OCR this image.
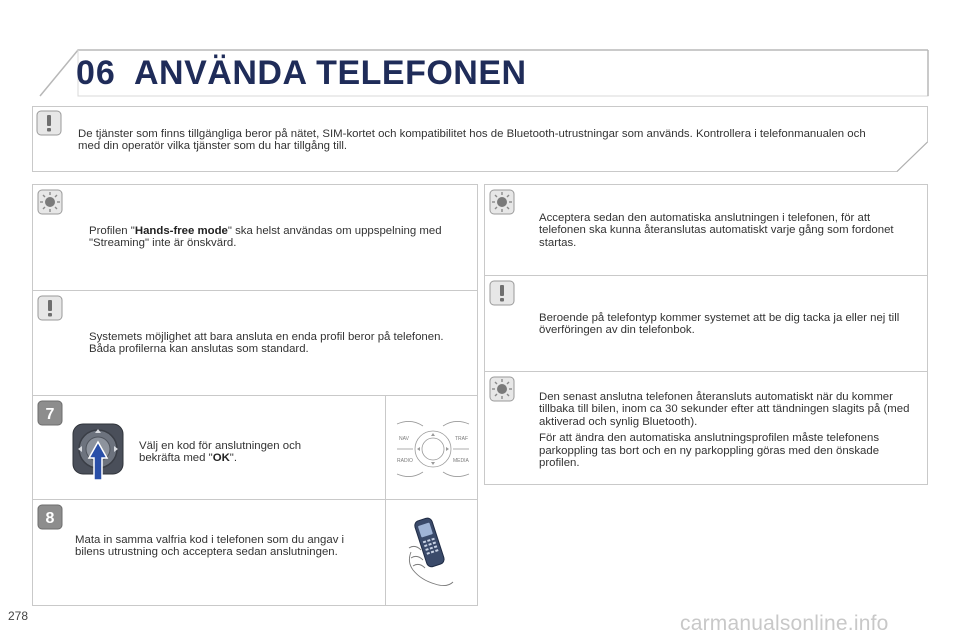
06 ANVÄNDA TELEFONEN
De tjänster som finns tillgängliga beror på nätet, SIM-kortet och kompatibilitet hos de Bluetooth-utrustningar som används. Kontrollera i telefonmanualen och med din operatör vilka tjänster som du har tillgång till.
Profilen "Hands-free mode" ska helst användas om uppspelning med "Streaming" inte är önskvärd.
Systemets möjlighet att bara ansluta en enda profil beror på telefonen. Båda profilerna kan anslutas som standard.
7
Välj en kod för anslutningen och bekräfta med "OK".
NAV	TRAF
RADIO	MEDIA
8
Mata in samma valfria kod i telefonen som du angav i bilens utrustning och acceptera sedan anslutningen.
Acceptera sedan den automatiska anslutningen i telefonen, för att telefonen ska kunna återanslutas automatiskt varje gång som fordonet startas.
Beroende på telefontyp kommer systemet att be dig tacka ja eller nej till överföringen av din telefonbok.

Den senast anslutna telefonen återansluts automatiskt när du kommer tillbaka till bilen, inom ca 30 sekunder efter att tändningen slagits på (med aktiverad och synlig Bluetooth).

För att ändra den automatiska anslutningsprofilen måste telefonens parkoppling tas bort och en ny parkoppling göras med den önskade profilen.

278	carmanualsonline.info
